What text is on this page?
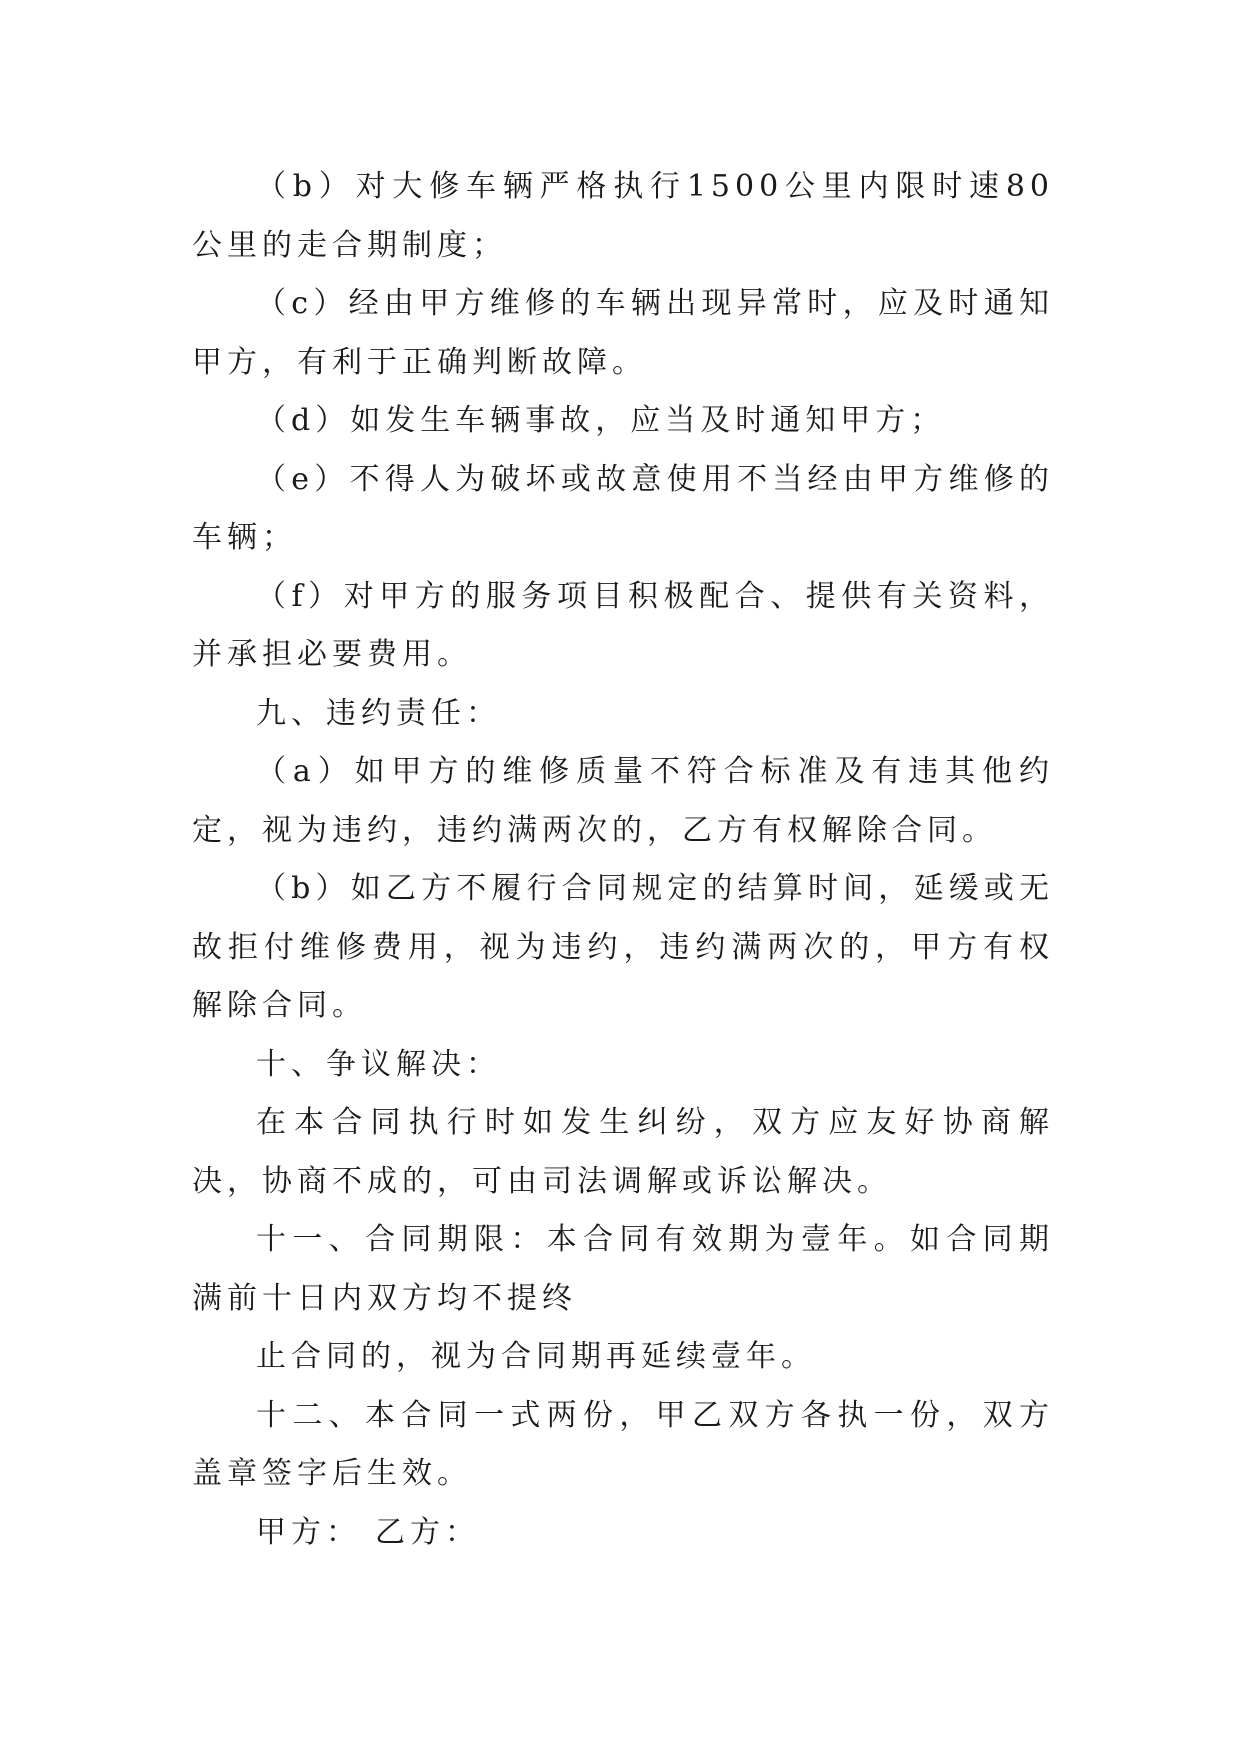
（b）对大修车辆严格执行1500公里内限时速80公里的走合期制度；

（c）经由甲方维修的车辆出现异常时，应及时通知甲方，有利于正确判断故障。

（d）如发生车辆事故，应当及时通知甲方；

（e）不得人为破坏或故意使用不当经由甲方维修的车辆；

（f）对甲方的服务项目积极配合、提供有关资料，并承担必要费用。

九、违约责任：

（a）如甲方的维修质量不符合标准及有违其他约定，视为违约，违约满两次的，乙方有权解除合同。

（b）如乙方不履行合同规定的结算时间，延缓或无故拒付维修费用，视为违约，违约满两次的，甲方有权解除合同。

十、争议解决：

在本合同执行时如发生纠纷，双方应友好协商解决，协商不成的，可由司法调解或诉讼解决。

十一、合同期限：本合同有效期为壹年。如合同期满前十日内双方均不提终

止合同的，视为合同期再延续壹年。

十二、本合同一式两份，甲乙双方各执一份，双方盖章签字后生效。

甲方： 乙方：
